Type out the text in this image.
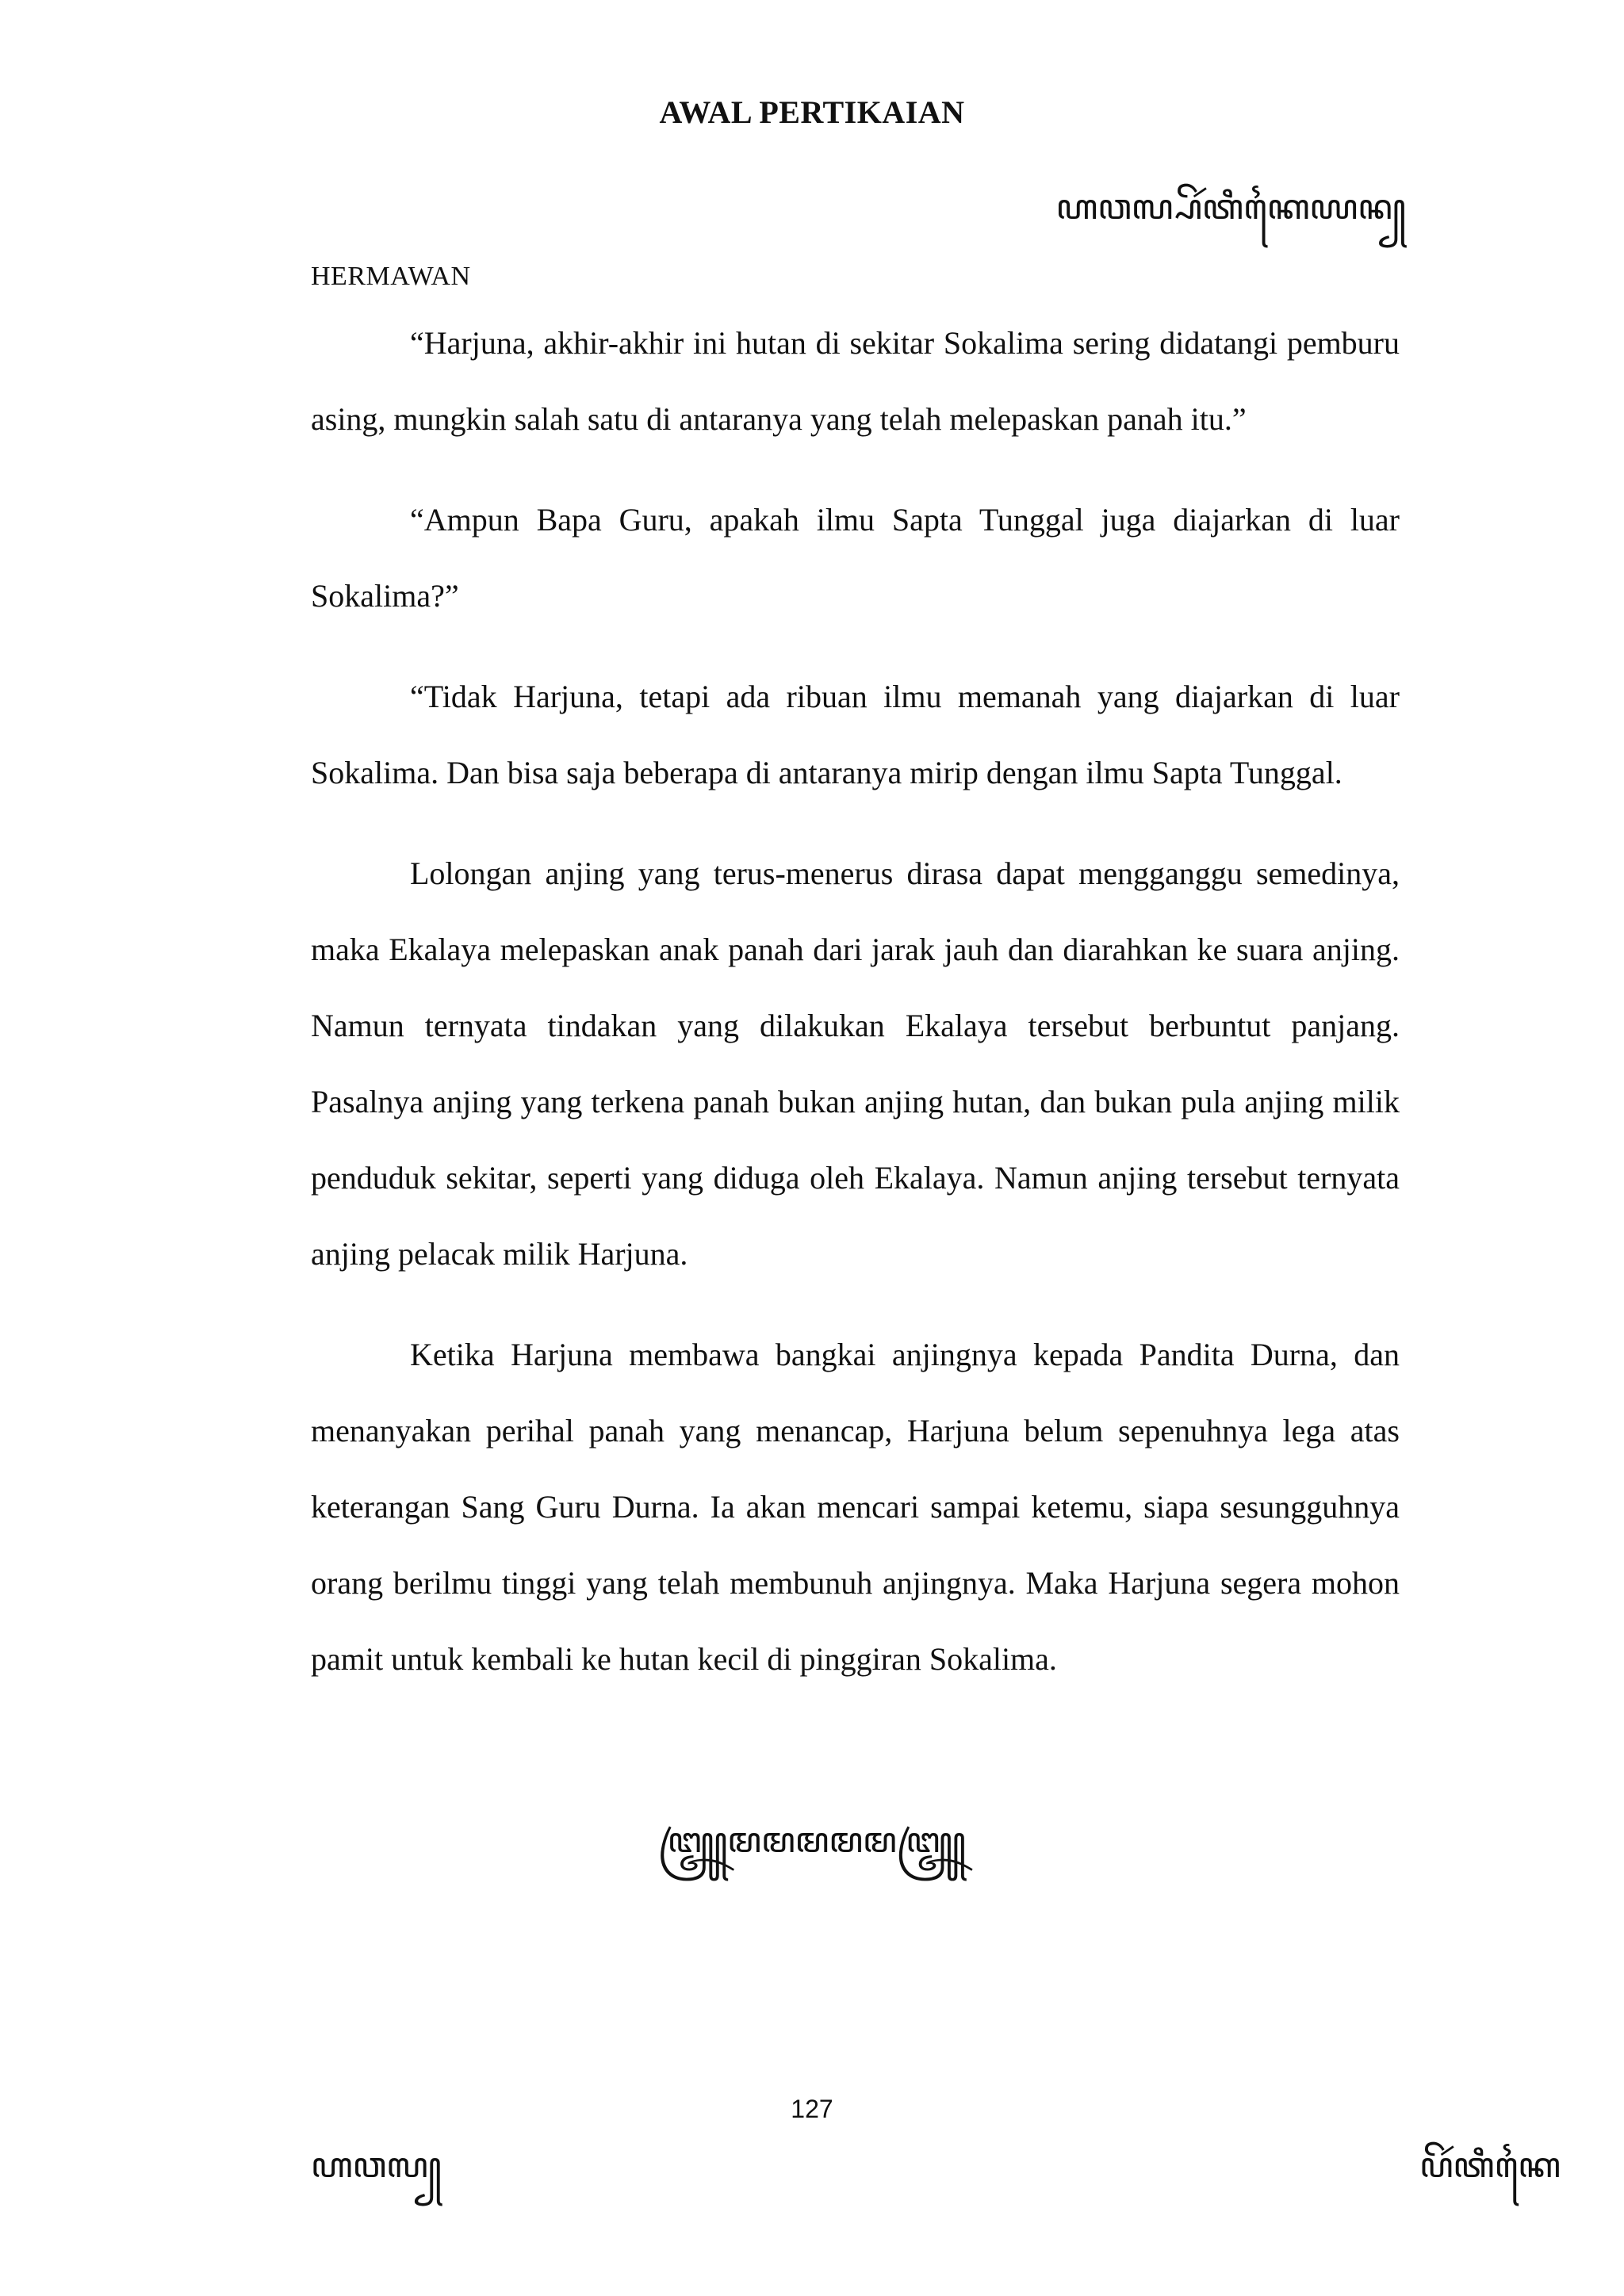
AWAL PERTIKAIAN
ꦲꦮꦭ꧀ꦥꦼꦂꦠꦶꦏꦻꦪꦤ꧀
HERMAWAN

“Harjuna, akhir-akhir ini hutan di sekitar Sokalima sering didatangi pemburu asing, mungkin salah satu di antaranya yang telah melepaskan panah itu.”

“Ampun Bapa Guru, apakah ilmu Sapta Tunggal juga diajarkan di luar Sokalima?”

“Tidak Harjuna, tetapi ada ribuan ilmu memanah yang diajarkan di luar Sokalima. Dan bisa saja beberapa di antaranya mirip dengan ilmu Sapta Tunggal.

Lolongan anjing yang terus-menerus dirasa dapat mengganggu semedinya, maka Ekalaya melepaskan anak panah dari jarak jauh dan diarahkan ke suara anjing. Namun ternyata tindakan yang dilakukan Ekalaya tersebut berbuntut panjang. Pasalnya anjing yang terkena panah bukan anjing hutan, dan bukan pula anjing milik penduduk sekitar, seperti yang diduga oleh Ekalaya. Namun anjing tersebut ternyata anjing pelacak milik Harjuna.

Ketika Harjuna membawa bangkai anjingnya kepada Pandita Durna, dan menanyakan perihal panah yang menancap, Harjuna belum sepenuhnya lega atas keterangan Sang Guru Durna. Ia akan mencari sampai ketemu, siapa sesungguhnya orang berilmu tinggi yang telah membunuh anjingnya. Maka Harjuna segera mohon pamit untuk kembali ke hutan kecil di pinggiran Sokalima.

꧅ꦩꦩꦩꦩꦩ꧅
127
ꦲꦮꦭ꧀	ꦥꦼꦂꦠꦶꦏꦻ
